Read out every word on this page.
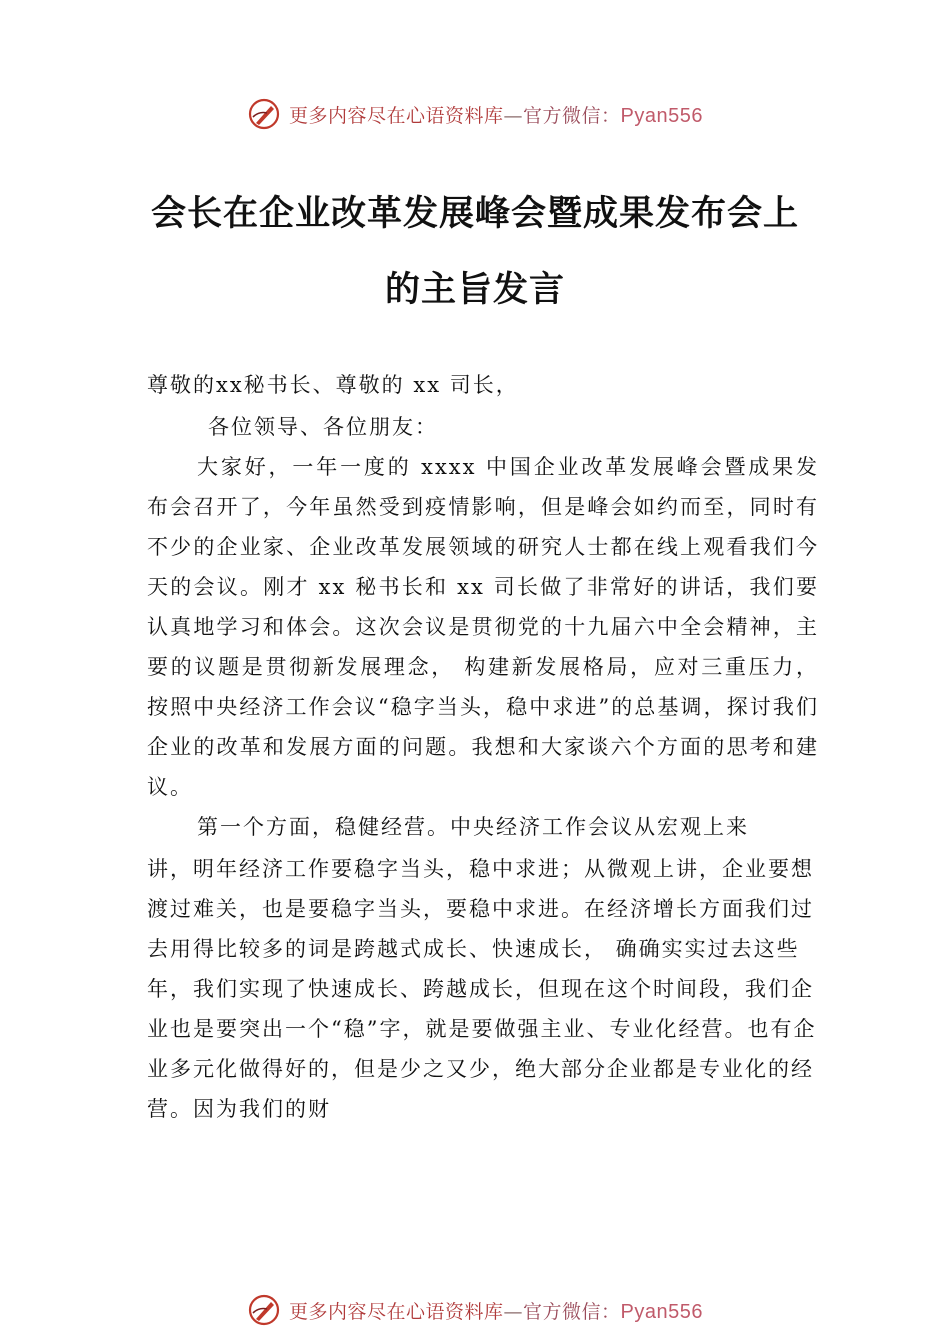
更多内容尽在心语资料库—官方微信：Pyan556
会长在企业改革发展峰会暨成果发布会上
的主旨发言
尊敬的xx秘书长、尊敬的 xx 司长，
各位领导、各位朋友：
大家好，一年一度的 xxxx 中国企业改革发展峰会暨成果发布会召开了，今年虽然受到疫情影响，但是峰会如约而至，同时有不少的企业家、企业改革发展领域的研究人士都在线上观看我们今天的会议。刚才 xx 秘书长和 xx 司长做了非常好的讲话，我们要认真地学习和体会。这次会议是贯彻党的十九届六中全会精神，主要的议题是贯彻新发展理念， 构建新发展格局，应对三重压力，按照中央经济工作会议“稳字当头，稳中求进”的总基调，探讨我们企业的改革和发展方面的问题。我想和大家谈六个方面的思考和建议。
第一个方面，稳健经营。中央经济工作会议从宏观上来
讲，明年经济工作要稳字当头，稳中求进；从微观上讲，企业要想渡过难关，也是要稳字当头，要稳中求进。在经济增长方面我们过去用得比较多的词是跨越式成长、快速成长， 确确实实过去这些年，我们实现了快速成长、跨越成长，但现在这个时间段，我们企业也是要突出一个“稳”字，就是要做强主业、专业化经营。也有企业多元化做得好的，但是少之又少，绝大部分企业都是专业化的经营。因为我们的财
更多内容尽在心语资料库—官方微信：Pyan556
